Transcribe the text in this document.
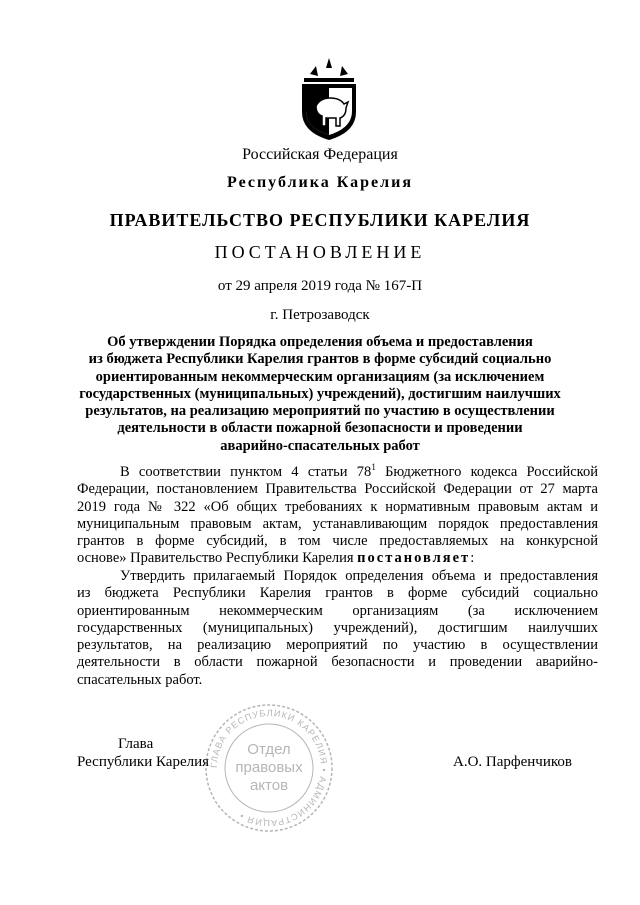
Российская Федерация
Республика Карелия
ПРАВИТЕЛЬСТВО РЕСПУБЛИКИ КАРЕЛИЯ
ПОСТАНОВЛЕНИЕ
от 29 апреля 2019 года № 167-П
г. Петрозаводск
Об утверждении Порядка определения объема и предоставления
из бюджета Республики Карелия грантов в форме субсидий социально
ориентированным некоммерческим организациям (за исключением
государственных (муниципальных) учреждений), достигшим наилучших
результатов, на реализацию мероприятий по участию в осуществлении
деятельности в области пожарной безопасности и проведении
аварийно-спасательных работ
В соответствии пунктом 4 статьи $78^1$ Бюджетного кодекса Российской
Федерации, постановлением Правительства Российской Федерации от 27 марта
2019 года № 322 «Об общих требованиях к нормативным правовым актам и
муниципальным правовым актам, устанавливающим порядок предоставления
грантов в форме субсидий, в том числе предоставляемых на конкурсной
основе» Правительство Республики Карелия постановляет:
Утвердить прилагаемый Порядок определения объема и предоставления
из бюджета Республики Карелия грантов в форме субсидий социально
ориентированным некоммерческим организациям (за исключением
государственных (муниципальных) учреждений), достигшим наилучших
результатов, на реализацию мероприятий по участию в осуществлении
деятельности в области пожарной безопасности и проведении аварийно-
спасательных работ.
Глава
Республики Карелия	А.О. Парфенчиков
ГЛАВА РЕСПУБЛИКИ КАРЕЛИЯ • АДМИНИСТРАЦИЯ •
Отдел
правовых
актов
